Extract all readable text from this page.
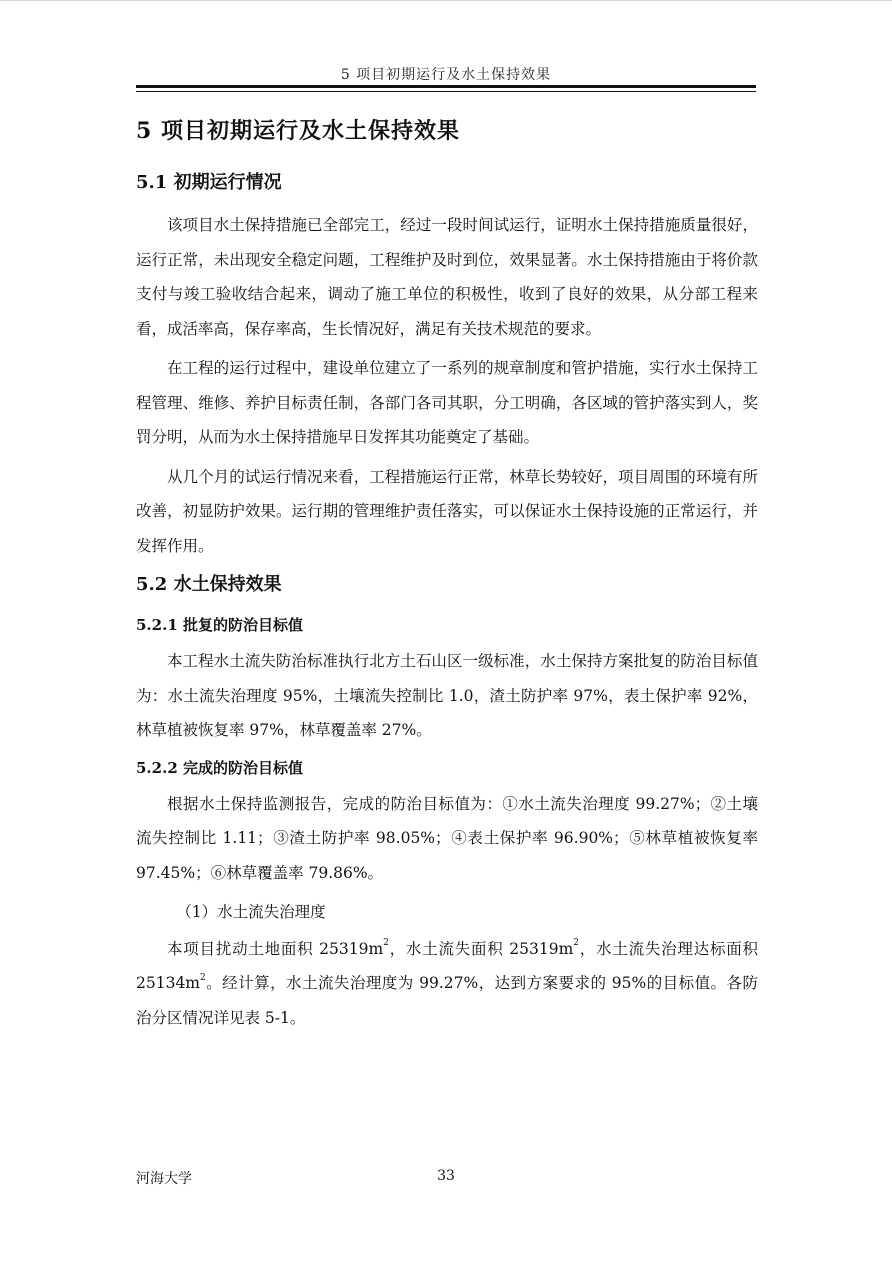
5 项目初期运行及水土保持效果
5 项目初期运行及水土保持效果
5.1 初期运行情况

该项目水土保持措施已全部完工，经过一段时间试运行，证明水土保持措施质量很好，运行正常，未出现安全稳定问题，工程维护及时到位，效果显著。水土保持措施由于将价款支付与竣工验收结合起来，调动了施工单位的积极性，收到了良好的效果，从分部工程来看，成活率高，保存率高，生长情况好，满足有关技术规范的要求。

在工程的运行过程中，建设单位建立了一系列的规章制度和管护措施，实行水土保持工程管理、维修、养护目标责任制，各部门各司其职，分工明确，各区域的管护落实到人，奖罚分明，从而为水土保持措施早日发挥其功能奠定了基础。

从几个月的试运行情况来看，工程措施运行正常，林草长势较好，项目周围的环境有所改善，初显防护效果。运行期的管理维护责任落实，可以保证水土保持设施的正常运行，并发挥作用。

5.2 水土保持效果
5.2.1 批复的防治目标值

本工程水土流失防治标准执行北方土石山区一级标准，水土保持方案批复的防治目标值为：水土流失治理度 95%，土壤流失控制比 1.0，渣土防护率 97%，表土保护率 92%，林草植被恢复率 97%，林草覆盖率 27%。

5.2.2 完成的防治目标值

根据水土保持监测报告，完成的防治目标值为：①水土流失治理度 99.27%；②土壤流失控制比 1.11；③渣土防护率 98.05%；④表土保护率 96.90%；⑤林草植被恢复率 97.45%；⑥林草覆盖率 79.86%。

（1）水土流失治理度

本项目扰动土地面积 $25319m^2$，水土流失面积 $25319m^2$，水土流失治理达标面积 $25134m^2$。经计算，水土流失治理度为 99.27%，达到方案要求的 95%的目标值。各防治分区情况详见表 5-1。

河海大学	33
